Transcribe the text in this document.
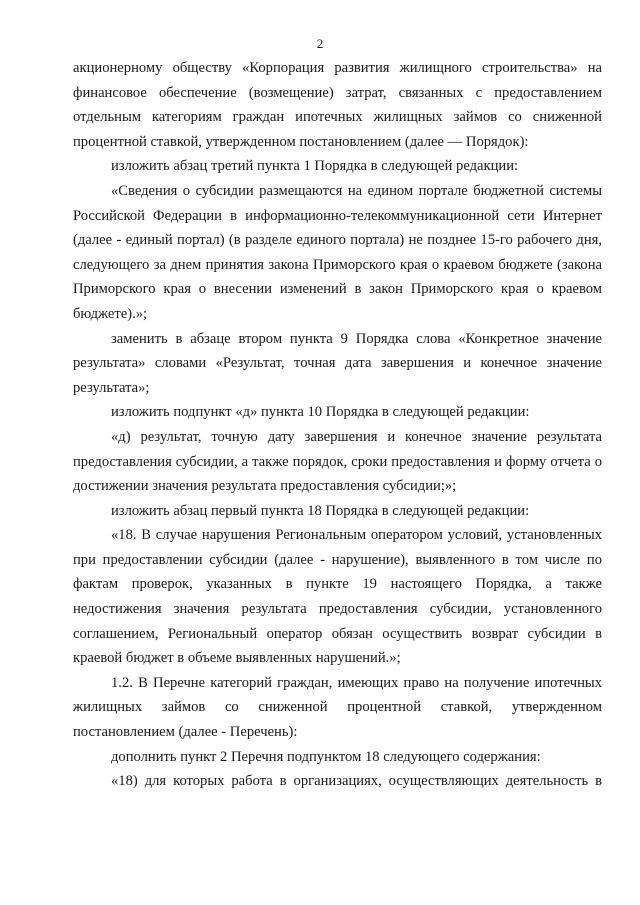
2

акционерному обществу «Корпорация развития жилищного строительства» на финансовое обеспечение (возмещение) затрат, связанных с предоставлением отдельным категориям граждан ипотечных жилищных займов со сниженной процентной ставкой, утвержденном постановлением (далее — Порядок):

изложить абзац третий пункта 1 Порядка в следующей редакции:

«Сведения о субсидии размещаются на едином портале бюджетной системы Российской Федерации в информационно-телекоммуникационной сети Интернет (далее - единый портал) (в разделе единого портала) не позднее 15-го рабочего дня, следующего за днем принятия закона Приморского края о краевом бюджете (закона Приморского края о внесении изменений в закон Приморского края о краевом бюджете).»;

заменить в абзаце втором пункта 9 Порядка слова «Конкретное значение результата» словами «Результат, точная дата завершения и конечное значение результата»;

изложить подпункт «д» пункта 10 Порядка в следующей редакции:

«д) результат, точную дату завершения и конечное значение результата предоставления субсидии, а также порядок, сроки предоставления и форму отчета о достижении значения результата предоставления субсидии;»;

изложить абзац первый пункта 18 Порядка в следующей редакции:

«18. В случае нарушения Региональным оператором условий, установленных при предоставлении субсидии (далее - нарушение), выявленного в том числе по фактам проверок, указанных в пункте 19 настоящего Порядка, а также недостижения значения результата предоставления субсидии, установленного соглашением, Региональный оператор обязан осуществить возврат субсидии в краевой бюджет в объеме выявленных нарушений.»;

1.2. В Перечне категорий граждан, имеющих право на получение ипотечных жилищных займов со сниженной процентной ставкой, утвержденном постановлением (далее - Перечень):

дополнить пункт 2 Перечня подпунктом 18 следующего содержания:

«18) для которых работа в организациях, осуществляющих деятельность в
